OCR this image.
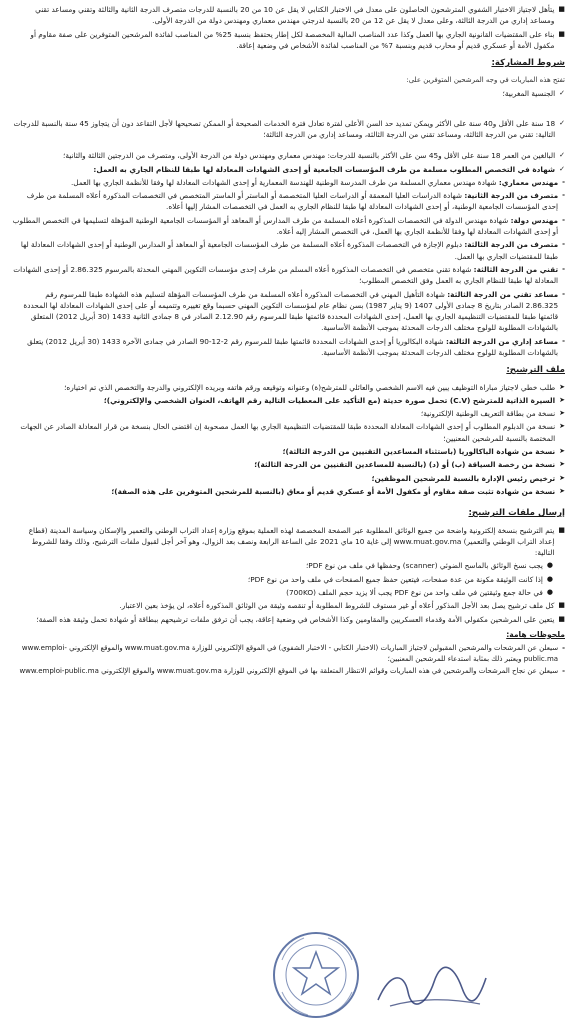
■
يتأهل لاجتياز الاختبار الشفوي المترشحون الحاصلون على معدل في الاختبار الكتابي لا يقل عن 10 من 20 بالنسبة للدرجات متصرف الدرجة الثانية والثالثة وتقني ومساعد تقني ومساعد إداري من الدرجة الثالثة، وعلى معدل لا يقل عن 12 من 20 بالنسبة لدرجتي مهندس معماري ومهندس دولة من الدرجة الأولى.
■
بناء على المقتضيات القانونية الجاري بها العمل وكذا عدد المناصب المالية المخصصة لكل إطار يحتفظ بنسبة 25% من المناصب لفائدة المرشحين المتوفرين على صفة مقاوم أو مكفول الأمة أو عسكري قديم أو محارب قديم وبنسبة 7% من المناصب لفائدة الأشخاص في وضعية إعاقة.
شروط المشاركة:
تفتح هذه المباريات في وجه المرشحين المتوفرين على:
✓
الجنسية المغربية؛
✓
18 سنة على الأقل و40 سنة على الأكثر ويمكن تمديد حد السن الأعلى لفترة تعادل فترة الخدمات الصحيحة أو الممكن تصحيحها لأجل التقاعد دون أن يتجاوز 45 سنة بالنسبة للدرجات التالية: تقني من الدرجة الثالثة، ومساعد تقني من الدرجة الثالثة، ومساعد إداري من الدرجة الثالثة؛
✓
البالغين من العمر 18 سنة على الأقل و45 سن على الأكثر بالنسبة للدرجات: مهندس معماري ومهندس دولة من الدرجة الأولى، ومتصرف من الدرجتين الثالثة والثانية؛
✓
شهادة في التخصص المطلوب مسلمة من طرف المؤسسات الجامعية أو إحدى الشهادات المعادلة لها طبقا للنظام الجاري به العمل:
-
مهندس معماري: شهادة مهندس معماري المسلمة من طرف المدرسة الوطنية للهندسة المعمارية أو إحدى الشهادات المعادلة لها وفقا للأنظمة الجاري بها العمل.
-
متصرف من الدرجة الثانية: شهادة الدراسات العليا المعمقة أو الدراسات العليا المتخصصة أو الماستر أو الماستر المتخصص في التخصصات المذكورة أعلاه المسلمة من طرف إحدى المؤسسات الجامعية الوطنية، أو إحدى الشهادات المعادلة لها طبقا للنظام الجاري به العمل في التخصصات المشار إليها أعلاه.
-
مهندس دولة: شهادة مهندس الدولة في التخصصات المذكورة أعلاه المسلمة من طرف المدارس أو المعاهد أو المؤسسات الجامعية الوطنية المؤهلة لتسليمها في التخصص المطلوب أو إحدى الشهادات المعادلة لها وفقا للأنظمة الجاري بها العمل، في التخصص المشار إليه أعلاه.
-
متصرف من الدرجة الثالثة: دبلوم الإجازة في التخصصات المذكورة أعلاه المسلمة من طرف المؤسسات الجامعية أو المعاهد أو المدارس الوطنية أو إحدى الشهادات المعادلة لها طبقا للمقتضيات الجاري بها العمل.
-
تقني من الدرجة الثالثة: شهادة تقني متخصص في التخصصات المذكورة أعلاه المسلم من طرف إحدى مؤسسات التكوين المهني المحدثة بالمرسوم 2.86.325 أو إحدى الشهادات المعادلة لها طبقا للنظام الجاري به العمل وفق التخصص المطلوب؛
-
مساعد تقني من الدرجة الثالثة: شهادة التأهيل المهني في التخصصات المذكورة أعلاه المسلمة من طرف المؤسسات المؤهلة لتسليم هذه الشهادة طبقا للمرسوم رقم 2.86.325 الصادر بتاريخ 8 جمادى الأولى 1407 (9 يناير 1987) بسن نظام عام لمؤسسات التكوين المهني حسبما وقع تغييره وتتميمه أو على إحدى الشهادات المعادلة لها المحددة قائمتها طبقا للمقتضيات التنظيمية الجاري بها العمل، إحدى الشهادات المحددة قائمتها طبقا للمرسوم رقم 2.12.90 الصادر في 8 جمادى الثانية 1433 (30 أبريل 2012) المتعلق بالشهادات المطلوبة للولوج مختلف الدرجات المحدثة بموجب الأنظمة الأساسية.
-
مساعد إداري من الدرجة الثالثة: شهادة البكالوريا أو إحدى الشهادات المحددة قائمتها طبقا للمرسوم رقم 2-12-90 الصادر في جمادى الآخرة 1433 (30 أبريل 2012) يتعلق بالشهادات المطلوبة للولوج مختلف الدرجات المحدثة بموجب الأنظمة الأساسية.
ملف الترشيح:
➤
طلب خطي لاجتياز مباراة التوظيف يبين فيه الاسم الشخصي والعائلي للمترشح(ة) وعنوانه وتوقيعه ورقم هاتفه وبريده الإلكتروني والدرجة والتخصص الذي تم اختياره؛
➤
السيرة الذاتية للمترشح (C.V) تحمل صورة حديثة (مع التأكيد على المعطيات التالية رقم الهاتف، العنوان الشخصي والإلكتروني)؛
➤
نسخة من بطاقة التعريف الوطنية الإلكترونية؛
➤
نسخة من الدبلوم المطلوب أو إحدى الشهادات المعادلة المحددة طبقا للمقتضيات التنظيمية الجاري بها العمل مصحوبة إن اقتضى الحال بنسخة من قرار المعادلة الصادر عن الجهات المختصة بالنسبة للمرشحين المعنيين؛
➤
نسخة من شهادة الباكالوريا (باستثناء المساعدين التقنيين من الدرجة الثالثة)؛
➤
نسخة من رخصة السياقة (ب) أو (د) (بالنسبة للمساعدين التقنيين من الدرجة الثالثة)؛
➤
ترخيص رئيس الإدارة بالنسبة للمرشحين الموظفين؛
➤
نسخة من شهادة تثبت صفة مقاوم أو مكفول الأمة أو عسكري قديم أو معاق (بالنسبة للمرشحين المتوفرين على هذه الصفة)؛
إرسال ملفات الترشيح:
■
يتم الترشيح بنسخة إلكترونية واضحة من جميع الوثائق المطلوبة عبر الصفحة المخصصة لهذه العملية بموقع وزارة إعداد التراب الوطني والتعمير والإسكان وسياسة المدينة (قطاع إعداد التراب الوطني والتعمير) www.muat.gov.ma إلى غاية 10 ماي 2021 على الساعة الرابعة ونصف بعد الزوال، وهو آخر أجل لقبول ملفات الترشيح، وذلك وفقا للشروط التالية:
●
يجب نسخ الوثائق بالماسح الضوئي (scanner) وحفظها في ملف من نوع PDF؛
●
إذا كانت الوثيقة مكونة من عدة صفحات، فيتعين حفظ جميع الصفحات في ملف واحد من نوع PDF؛
●
في حالة جمع وثيقتين في ملف واحد من نوع PDF يجب ألا يزيد حجم الملف (700KO)
■
كل ملف ترشيح يصل بعد الأجل المذكور أعلاه أو غير مستوف للشروط المطلوبة أو تنقصه وثيقة من الوثائق المذكورة أعلاه، لن يؤخذ بعين الاعتبار.
■
يتعين على المرشحين مكفولي الأمة وقدماء العسكريين والمقاومين وكذا الأشخاص في وضعية إعاقة، يجب أن ترفق ملفات ترشيحهم ببطاقة أو شهادة تحمل وثيقة هذه الصفة؛
ملحوظات هامة:
-
سيعلن عن المرشحات والمرشحين المقبولين لاجتياز المباريات (الاختبار الكتابي - الاختبار الشفوي) في الموقع الإلكتروني للوزارة www.muat.gov.ma والموقع الإلكتروني www.emploi-public.ma ويعتبر ذلك بمثابة استدعاء للمرشحين المعنيين؛
-
سيعلن عن نجاح المرشحات والمرشحين في هذه المباريات وقوائم الانتظار المتعلقة بها في الموقع الإلكتروني للوزارة www.muat.gov.ma والموقع الإلكتروني www.emploi-public.ma
